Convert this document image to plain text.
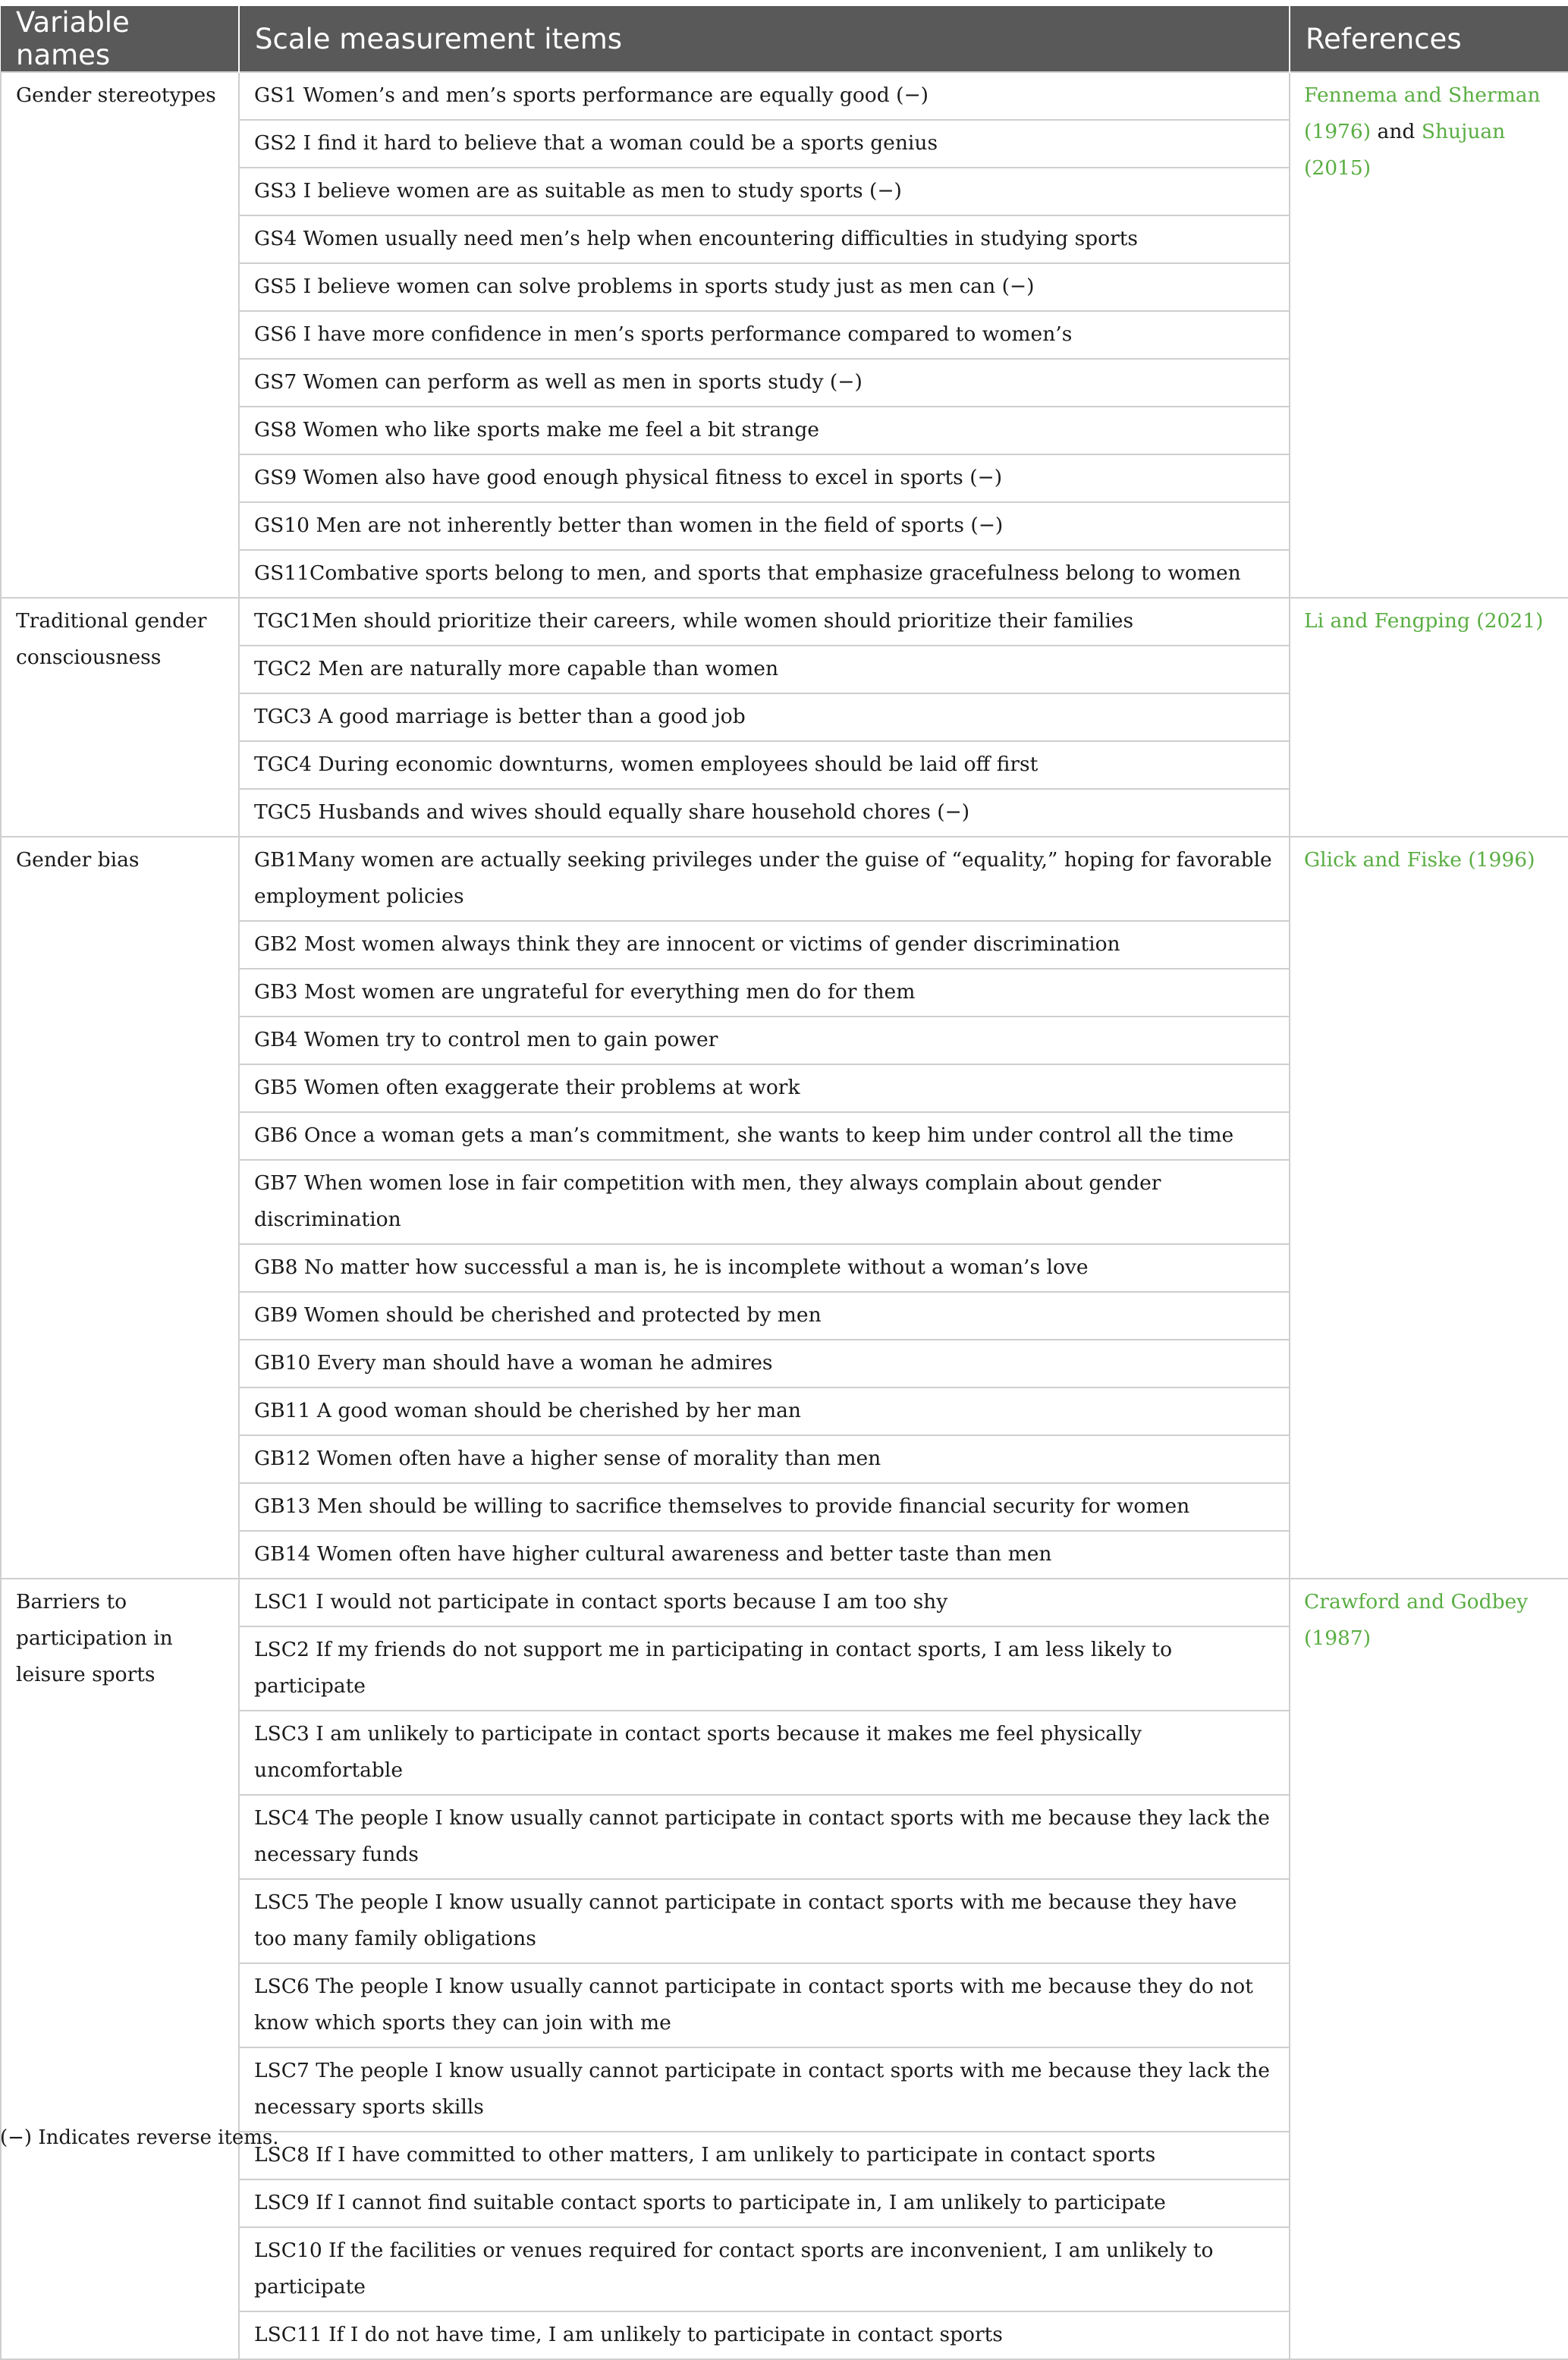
Variable names	Scale measurement items	References
Gender stereotypes	GS1 Women’s and men’s sports performance are equally good (−)	Fennema and Sherman (1976) and Shujuan (2015)
	GS2 I find it hard to believe that a woman could be a sports genius	
	GS3 I believe women are as suitable as men to study sports (−)	
	GS4 Women usually need men’s help when encountering difficulties in studying sports	
	GS5 I believe women can solve problems in sports study just as men can (−)	
	GS6 I have more confidence in men’s sports performance compared to women’s	
	GS7 Women can perform as well as men in sports study (−)	
	GS8 Women who like sports make me feel a bit strange	
	GS9 Women also have good enough physical fitness to excel in sports (−)	
	GS10 Men are not inherently better than women in the field of sports (−)	
	GS11Combative sports belong to men, and sports that emphasize gracefulness belong to women	
Traditional gender consciousness	TGC1Men should prioritize their careers, while women should prioritize their families	Li and Fengping (2021)
	TGC2 Men are naturally more capable than women	
	TGC3 A good marriage is better than a good job	
	TGC4 During economic downturns, women employees should be laid off first	
	TGC5 Husbands and wives should equally share household chores (−)	
Gender bias	GB1Many women are actually seeking privileges under the guise of “equality,” hoping for favorable employment policies	Glick and Fiske (1996)
	GB2 Most women always think they are innocent or victims of gender discrimination	
	GB3 Most women are ungrateful for everything men do for them	
	GB4 Women try to control men to gain power	
	GB5 Women often exaggerate their problems at work	
	GB6 Once a woman gets a man’s commitment, she wants to keep him under control all the time	
	GB7 When women lose in fair competition with men, they always complain about gender discrimination	
	GB8 No matter how successful a man is, he is incomplete without a woman’s love	
	GB9 Women should be cherished and protected by men	
	GB10 Every man should have a woman he admires	
	GB11 A good woman should be cherished by her man	
	GB12 Women often have a higher sense of morality than men	
	GB13 Men should be willing to sacrifice themselves to provide financial security for women	
	GB14 Women often have higher cultural awareness and better taste than men	
Barriers to participation in leisure sports	LSC1 I would not participate in contact sports because I am too shy	Crawford and Godbey (1987)
	LSC2 If my friends do not support me in participating in contact sports, I am less likely to participate	
	LSC3 I am unlikely to participate in contact sports because it makes me feel physically uncomfortable	
	LSC4 The people I know usually cannot participate in contact sports with me because they lack the necessary funds	
	LSC5 The people I know usually cannot participate in contact sports with me because they have too many family obligations	
	LSC6 The people I know usually cannot participate in contact sports with me because they do not know which sports they can join with me	
	LSC7 The people I know usually cannot participate in contact sports with me because they lack the necessary sports skills	
	LSC8 If I have committed to other matters, I am unlikely to participate in contact sports	
	LSC9 If I cannot find suitable contact sports to participate in, I am unlikely to participate	
	LSC10 If the facilities or venues required for contact sports are inconvenient, I am unlikely to participate	
	LSC11 If I do not have time, I am unlikely to participate in contact sports	
(−) Indicates reverse items.
